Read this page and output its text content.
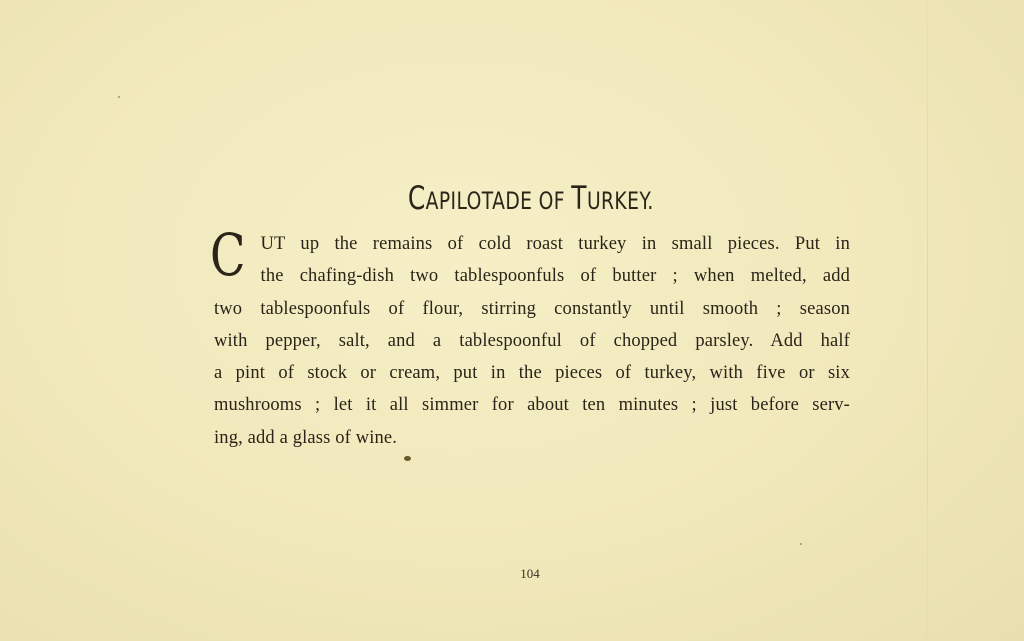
CAPILOTADE OF TURKEY.
C UT up the remains of cold roast turkey in small pieces. Put in
the chafing-dish two tablespoonfuls of butter ; when melted, add
two tablespoonfuls of flour, stirring constantly until smooth ; season
with pepper, salt, and a tablespoonful of chopped parsley. Add half
a pint of stock or cream, put in the pieces of turkey, with five or six
mushrooms ; let it all simmer for about ten minutes ; just before serv-
ing, add a glass of wine.
104
